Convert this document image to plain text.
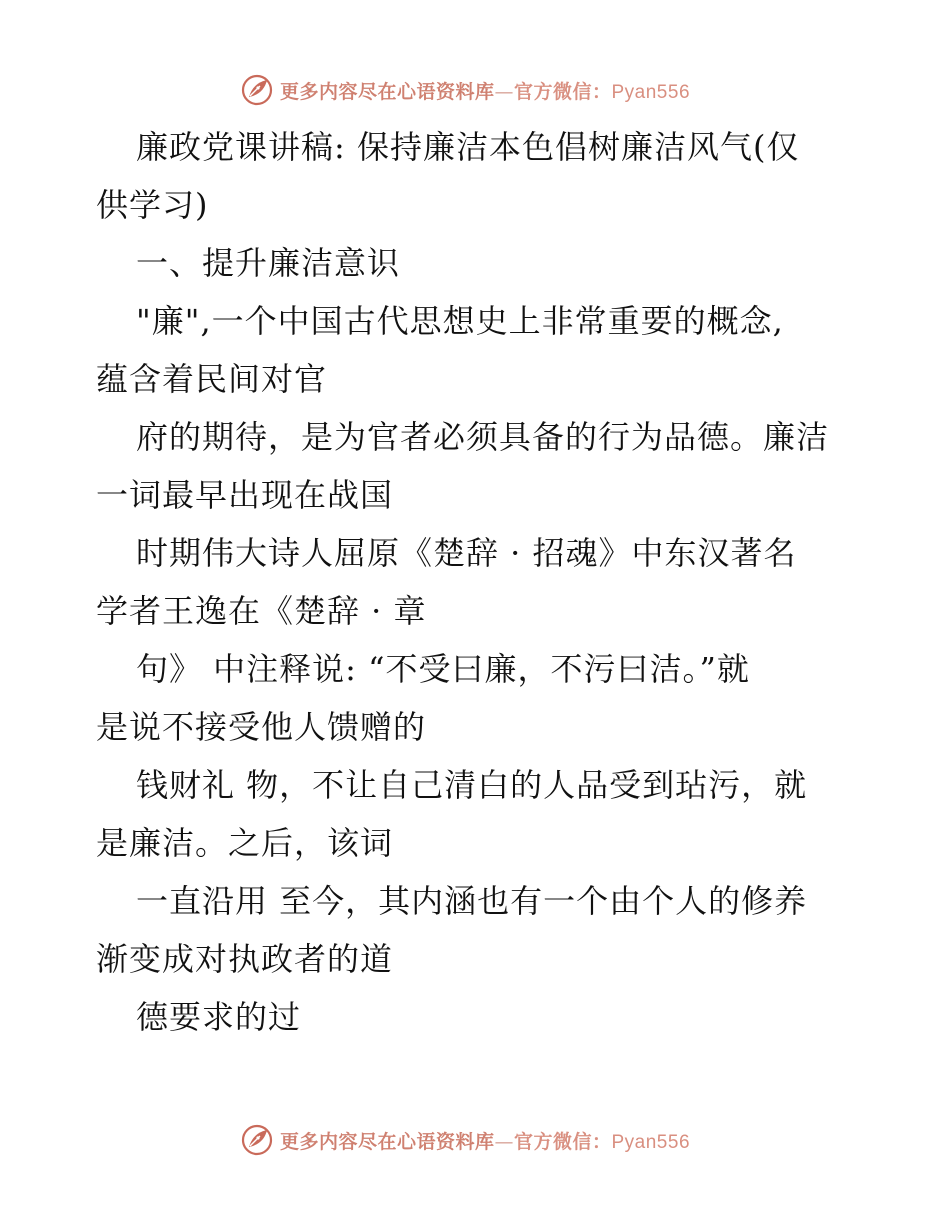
更多内容尽在心语资料库—官方微信：Pyan556
廉政党课讲稿: 保持廉洁本色倡树廉洁风气(仅
供学习)
一、提升廉洁意识
"廉",一个中国古代思想史上非常重要的概念,
蕴含着民间对官
府的期待，是为官者必须具备的行为品德。廉洁
一词最早出现在战国
时期伟大诗人屈原《楚辞 · 招魂》中东汉著名
学者王逸在《楚辞 · 章
句》 中注释说: “不受曰廉，不污曰洁。”就
是说不接受他人馈赠的
钱财礼 物，不让自己清白的人品受到玷污，就
是廉洁。之后，该词
一直沿用 至今，其内涵也有一个由个人的修养
渐变成对执政者的道
德要求的过
更多内容尽在心语资料库—官方微信：Pyan556
